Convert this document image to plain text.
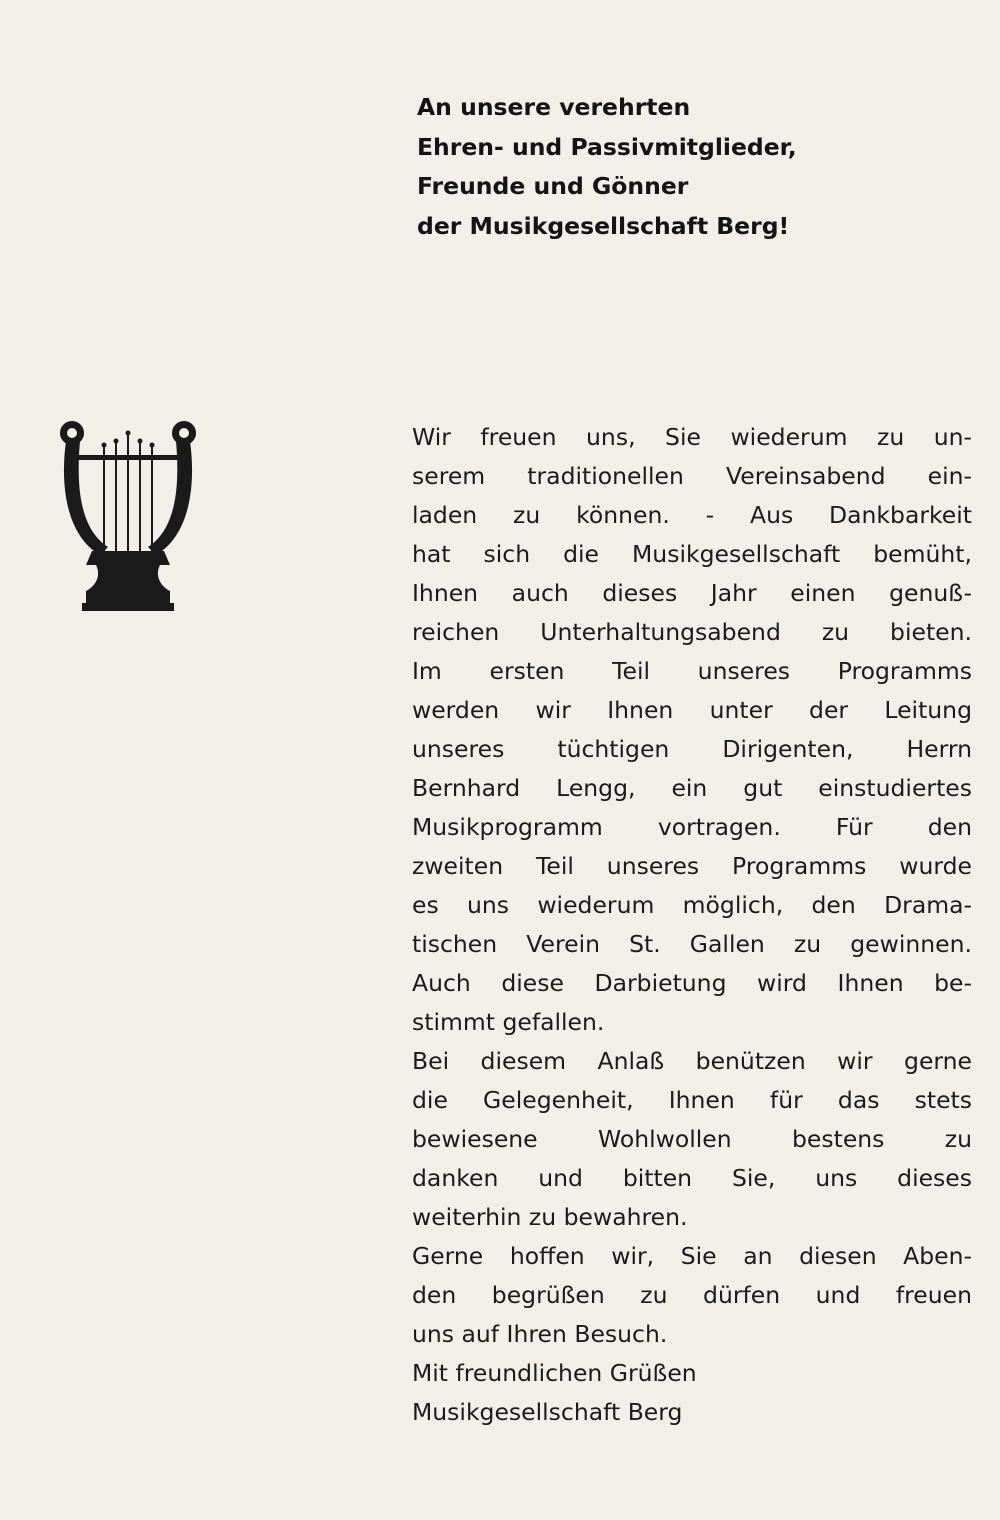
An unsere verehrten
Ehren- und Passivmitglieder,
Freunde und Gönner
der Musikgesellschaft Berg!
Wir freuen uns, Sie wiederum zu un-
serem traditionellen Vereinsabend ein-
laden zu können. - Aus Dankbarkeit
hat sich die Musikgesellschaft bemüht,
Ihnen auch dieses Jahr einen genuß-
reichen Unterhaltungsabend zu bieten.
Im ersten Teil unseres Programms
werden wir Ihnen unter der Leitung
unseres tüchtigen Dirigenten, Herrn
Bernhard Lengg, ein gut einstudiertes
Musikprogramm vortragen. Für den
zweiten Teil unseres Programms wurde
es uns wiederum möglich, den Drama-
tischen Verein St. Gallen zu gewinnen.
Auch diese Darbietung wird Ihnen be-
stimmt gefallen.
Bei diesem Anlaß benützen wir gerne
die Gelegenheit, Ihnen für das stets
bewiesene Wohlwollen bestens zu
danken und bitten Sie, uns dieses
weiterhin zu bewahren.
Gerne hoffen wir, Sie an diesen Aben-
den begrüßen zu dürfen und freuen
uns auf Ihren Besuch.
Mit freundlichen Grüßen
Musikgesellschaft Berg
